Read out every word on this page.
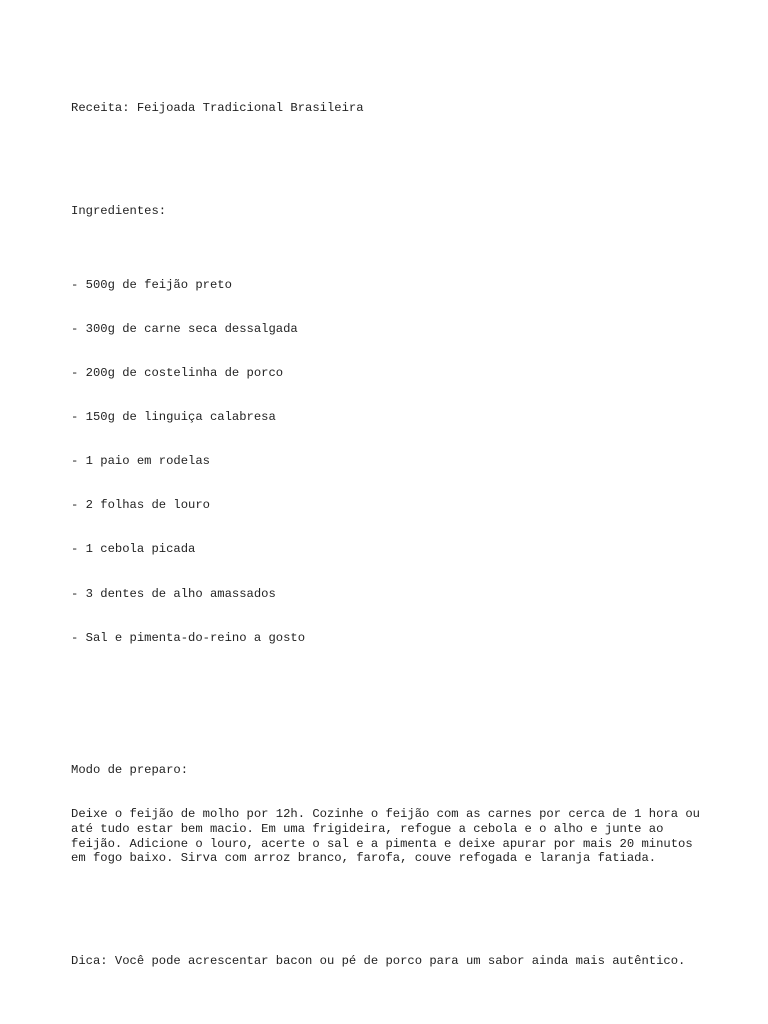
Receita: Feijoada Tradicional Brasileira

Ingredientes:

- 500g de feijão preto

- 300g de carne seca dessalgada

- 200g de costelinha de porco

- 150g de linguiça calabresa

- 1 paio em rodelas

- 2 folhas de louro

- 1 cebola picada

- 3 dentes de alho amassados

- Sal e pimenta-do-reino a gosto

Modo de preparo:

Deixe o feijão de molho por 12h. Cozinhe o feijão com as carnes por cerca de 1 hora ou até tudo estar bem macio. Em uma frigideira, refogue a cebola e o alho e junte ao feijão. Adicione o louro, acerte o sal e a pimenta e deixe apurar por mais 20 minutos em fogo baixo. Sirva com arroz branco, farofa, couve refogada e laranja fatiada.

Dica: Você pode acrescentar bacon ou pé de porco para um sabor ainda mais autêntico.
